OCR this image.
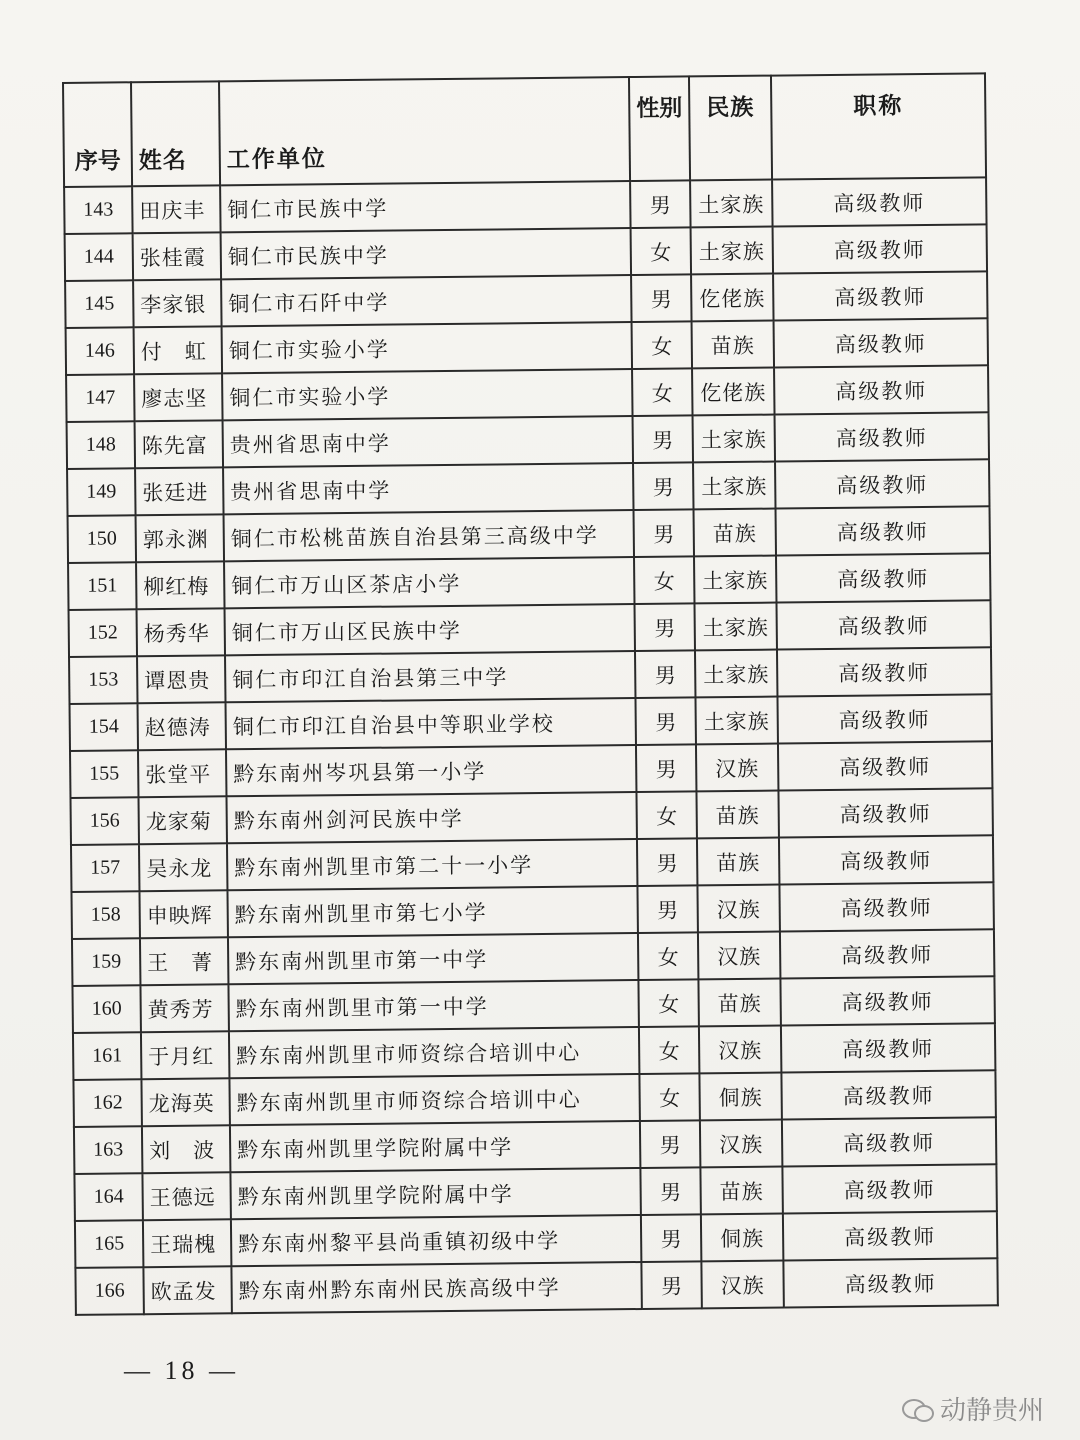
序号	姓名	工作单位	性别	民族	职称
143	田庆丰	铜仁市民族中学	男	土家族	高级教师
144	张桂霞	铜仁市民族中学	女	土家族	高级教师
145	李家银	铜仁市石阡中学	男	仡佬族	高级教师
146	付　虹	铜仁市实验小学	女	苗族	高级教师
147	廖志坚	铜仁市实验小学	女	仡佬族	高级教师
148	陈先富	贵州省思南中学	男	土家族	高级教师
149	张廷进	贵州省思南中学	男	土家族	高级教师
150	郭永渊	铜仁市松桃苗族自治县第三高级中学	男	苗族	高级教师
151	柳红梅	铜仁市万山区茶店小学	女	土家族	高级教师
152	杨秀华	铜仁市万山区民族中学	男	土家族	高级教师
153	谭恩贵	铜仁市印江自治县第三中学	男	土家族	高级教师
154	赵德涛	铜仁市印江自治县中等职业学校	男	土家族	高级教师
155	张堂平	黔东南州岑巩县第一小学	男	汉族	高级教师
156	龙家菊	黔东南州剑河民族中学	女	苗族	高级教师
157	吴永龙	黔东南州凯里市第二十一小学	男	苗族	高级教师
158	申映辉	黔东南州凯里市第七小学	男	汉族	高级教师
159	王　菁	黔东南州凯里市第一中学	女	汉族	高级教师
160	黄秀芳	黔东南州凯里市第一中学	女	苗族	高级教师
161	于月红	黔东南州凯里市师资综合培训中心	女	汉族	高级教师
162	龙海英	黔东南州凯里市师资综合培训中心	女	侗族	高级教师
163	刘　波	黔东南州凯里学院附属中学	男	汉族	高级教师
164	王德远	黔东南州凯里学院附属中学	男	苗族	高级教师
165	王瑞槐	黔东南州黎平县尚重镇初级中学	男	侗族	高级教师
166	欧孟发	黔东南州黔东南州民族高级中学	男	汉族	高级教师
— 18 —
动静贵州
